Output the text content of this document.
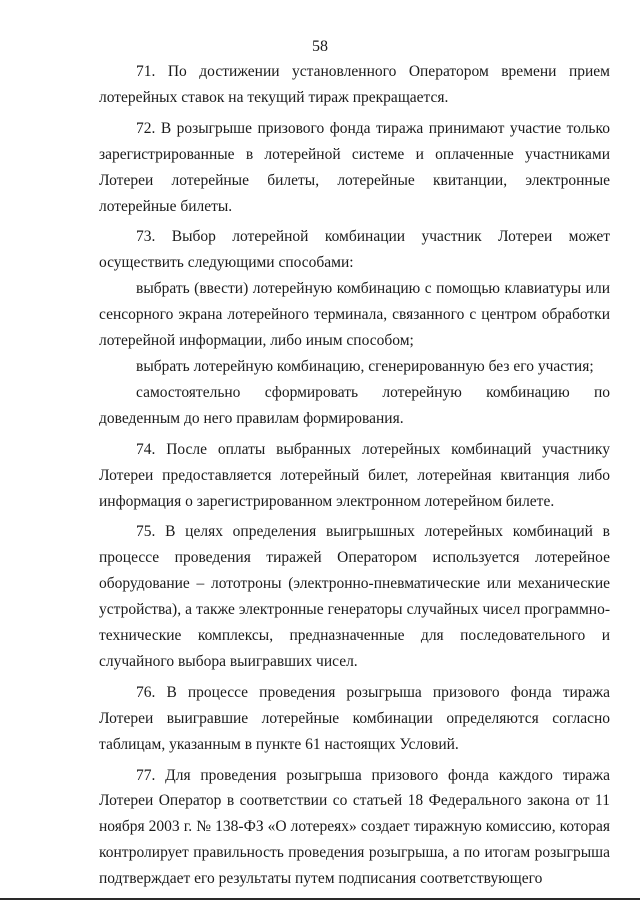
58

71. По достижении установленного Оператором времени прием лотерейных ставок на текущий тираж прекращается.

72. В розыгрыше призового фонда тиража принимают участие только зарегистрированные в лотерейной системе и оплаченные участниками Лотереи лотерейные билеты, лотерейные квитанции, электронные лотерейные билеты.

73. Выбор лотерейной комбинации участник Лотереи может осуществить следующими способами:

выбрать (ввести) лотерейную комбинацию с помощью клавиатуры или сенсорного экрана лотерейного терминала, связанного с центром обработки лотерейной информации, либо иным способом;

выбрать лотерейную комбинацию, сгенерированную без его участия;

самостоятельно сформировать лотерейную комбинацию по доведенным до него правилам формирования.

74. После оплаты выбранных лотерейных комбинаций участнику Лотереи предоставляется лотерейный билет, лотерейная квитанция либо информация о зарегистрированном электронном лотерейном билете.

75. В целях определения выигрышных лотерейных комбинаций в процессе проведения тиражей Оператором используется лотерейное оборудование – лототроны (электронно-пневматические или механические устройства), а также электронные генераторы случайных чисел программно-технические комплексы, предназначенные для последовательного и случайного выбора выигравших чисел.

76. В процессе проведения розыгрыша призового фонда тиража Лотереи выигравшие лотерейные комбинации определяются согласно таблицам, указанным в пункте 61 настоящих Условий.

77. Для проведения розыгрыша призового фонда каждого тиража Лотереи Оператор в соответствии со статьей 18 Федерального закона от 11 ноября 2003 г. № 138-ФЗ «О лотереях» создает тиражную комиссию, которая контролирует правильность проведения розыгрыша, а по итогам розыгрыша подтверждает его результаты путем подписания соответствующего
